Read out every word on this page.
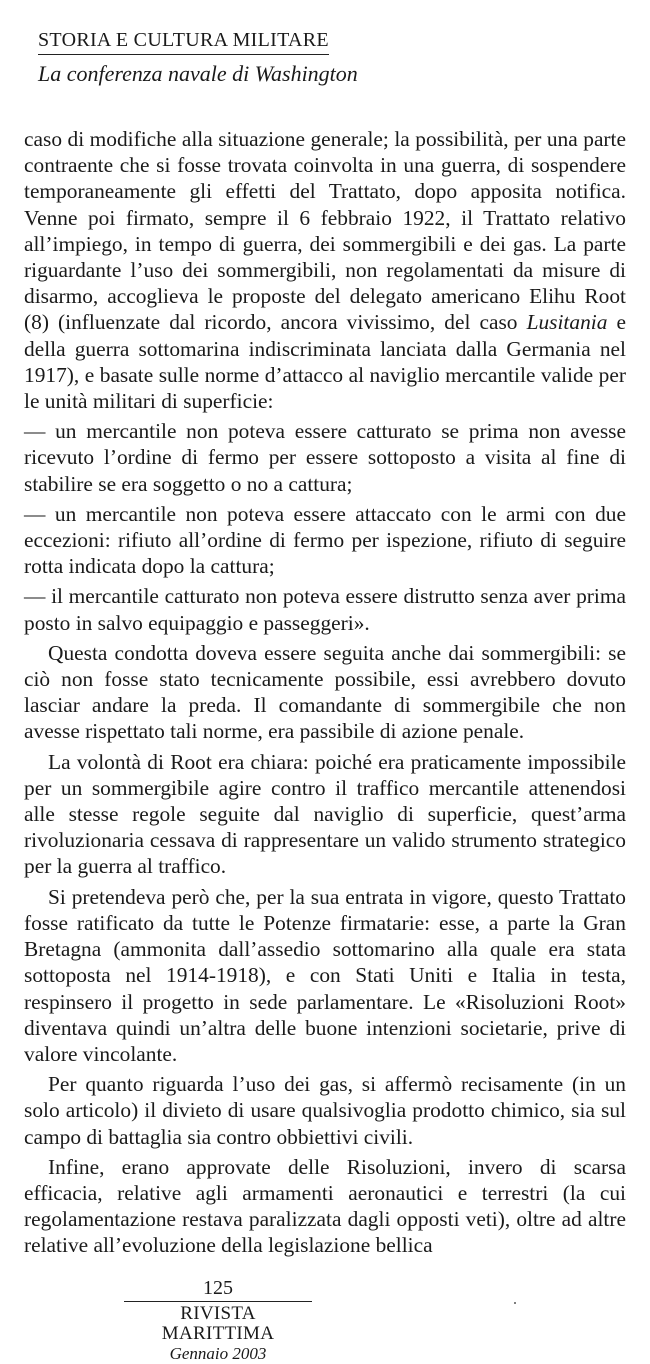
STORIA E CULTURA MILITARE
La conferenza navale di Washington

caso di modifiche alla situazione generale; la possibilità, per una parte contraente che si fosse trovata coinvolta in una guerra, di sospendere temporaneamente gli effetti del Trattato, dopo apposita notifica. Venne poi firmato, sempre il 6 febbraio 1922, il Trattato relativo all’impiego, in tempo di guerra, dei sommergibili e dei gas. La parte riguardante l’uso dei sommergibili, non regolamentati da misure di disarmo, accoglieva le proposte del delegato americano Elihu Root (8) (influenzate dal ricordo, ancora vivissimo, del caso Lusitania e della guerra sottomarina indiscriminata lanciata dalla Germania nel 1917), e basate sulle norme d’attacco al naviglio mercantile valide per le unità militari di superficie:

— un mercantile non poteva essere catturato se prima non avesse ricevuto l’ordine di fermo per essere sottoposto a visita al fine di stabilire se era soggetto o no a cattura;

— un mercantile non poteva essere attaccato con le armi con due eccezioni: rifiuto all’ordine di fermo per ispezione, rifiuto di seguire rotta indicata dopo la cattura;

— il mercantile catturato non poteva essere distrutto senza aver prima posto in salvo equipaggio e passeggeri».

Questa condotta doveva essere seguita anche dai sommergibili: se ciò non fosse stato tecnicamente possibile, essi avrebbero dovuto lasciar andare la preda. Il comandante di sommergibile che non avesse rispettato tali norme, era passibile di azione penale.

La volontà di Root era chiara: poiché era praticamente impossibile per un sommergibile agire contro il traffico mercantile attenendosi alle stesse regole seguite dal naviglio di superficie, quest’arma rivoluzionaria cessava di rappresentare un valido strumento strategico per la guerra al traffico.

Si pretendeva però che, per la sua entrata in vigore, questo Trattato fosse ratificato da tutte le Potenze firmatarie: esse, a parte la Gran Bretagna (ammonita dall’assedio sottomarino alla quale era stata sottoposta nel 1914-1918), e con Stati Uniti e Italia in testa, respinsero il progetto in sede parlamentare. Le «Risoluzioni Root» diventava quindi un’altra delle buone intenzioni societarie, prive di valore vincolante.

Per quanto riguarda l’uso dei gas, si affermò recisamente (in un solo articolo) il divieto di usare qualsivoglia prodotto chimico, sia sul campo di battaglia sia contro obbiettivi civili.

Infine, erano approvate delle Risoluzioni, invero di scarsa efficacia, relative agli armamenti aeronautici e terrestri (la cui regolamentazione restava paralizzata dagli opposti veti), oltre ad altre relative all’evoluzione della legislazione bellica

125
RIVISTA MARITTIMA
Gennaio 2003
